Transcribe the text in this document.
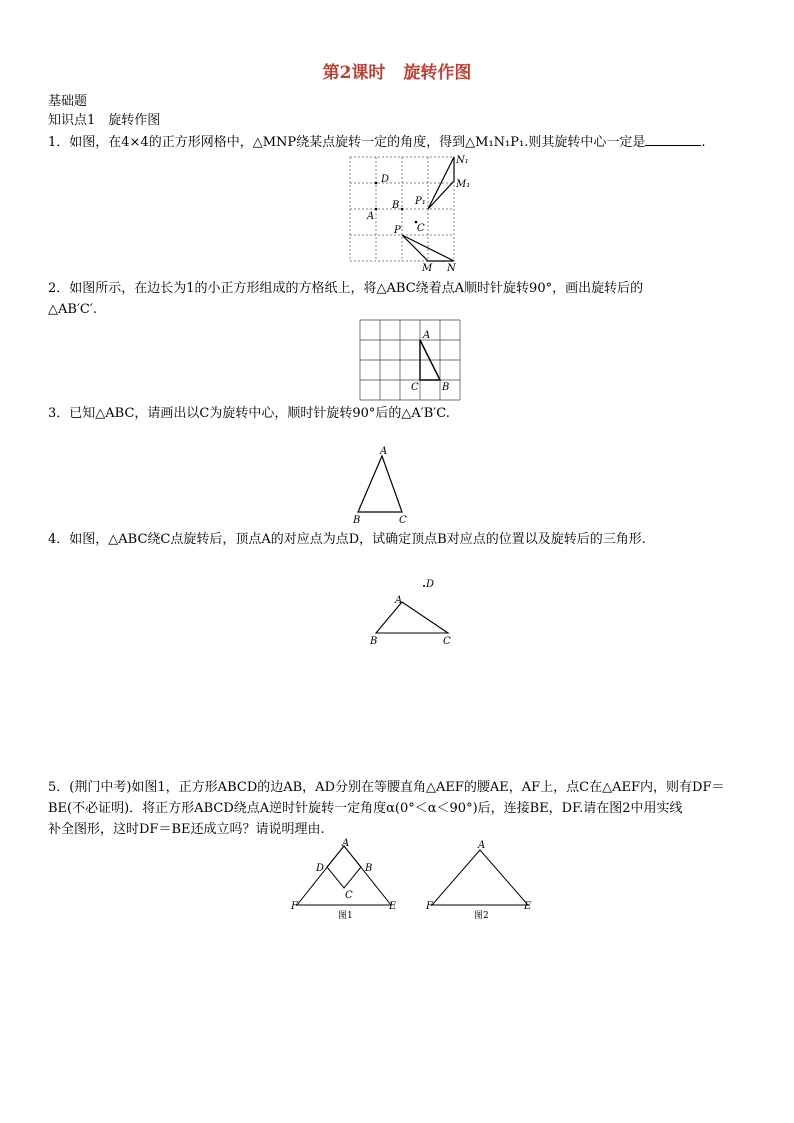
第2课时 旋转作图
基础题
知识点1　旋转作图
1．如图，在4×4的正方形网格中，△MNP绕某点旋转一定的角度，得到△M₁N₁P₁.则其旋转中心一定是	.
D
A
B P₁
C
N₁
M₁
P
M N
2．如图所示，在边长为1的小正方形组成的方格纸上，将△ABC绕着点A顺时针旋转90°，画出旋转后的
△AB′C′.
A
C B
3．已知△ABC，请画出以C为旋转中心，顺时针旋转90°后的△A′B′C.
A
B	C
4．如图，△ABC绕C点旋转后，顶点A的对应点为点D，试确定顶点B对应点的位置以及旋转后的三角形.
D
A
B	C
5．(荆门中考)如图1，正方形ABCD的边AB，AD分别在等腰直角△AEF的腰AE，AF上，点C在△AEF内，则有DF＝
BE(不必证明)．将正方形ABCD绕点A逆时针旋转一定角度α(0°＜α＜90°)后，连接BE，DF.请在图2中用实线
补全图形，这时DF＝BE还成立吗？请说明理由.
A
D	B
C
F	E
图1
A
F	E
图2
